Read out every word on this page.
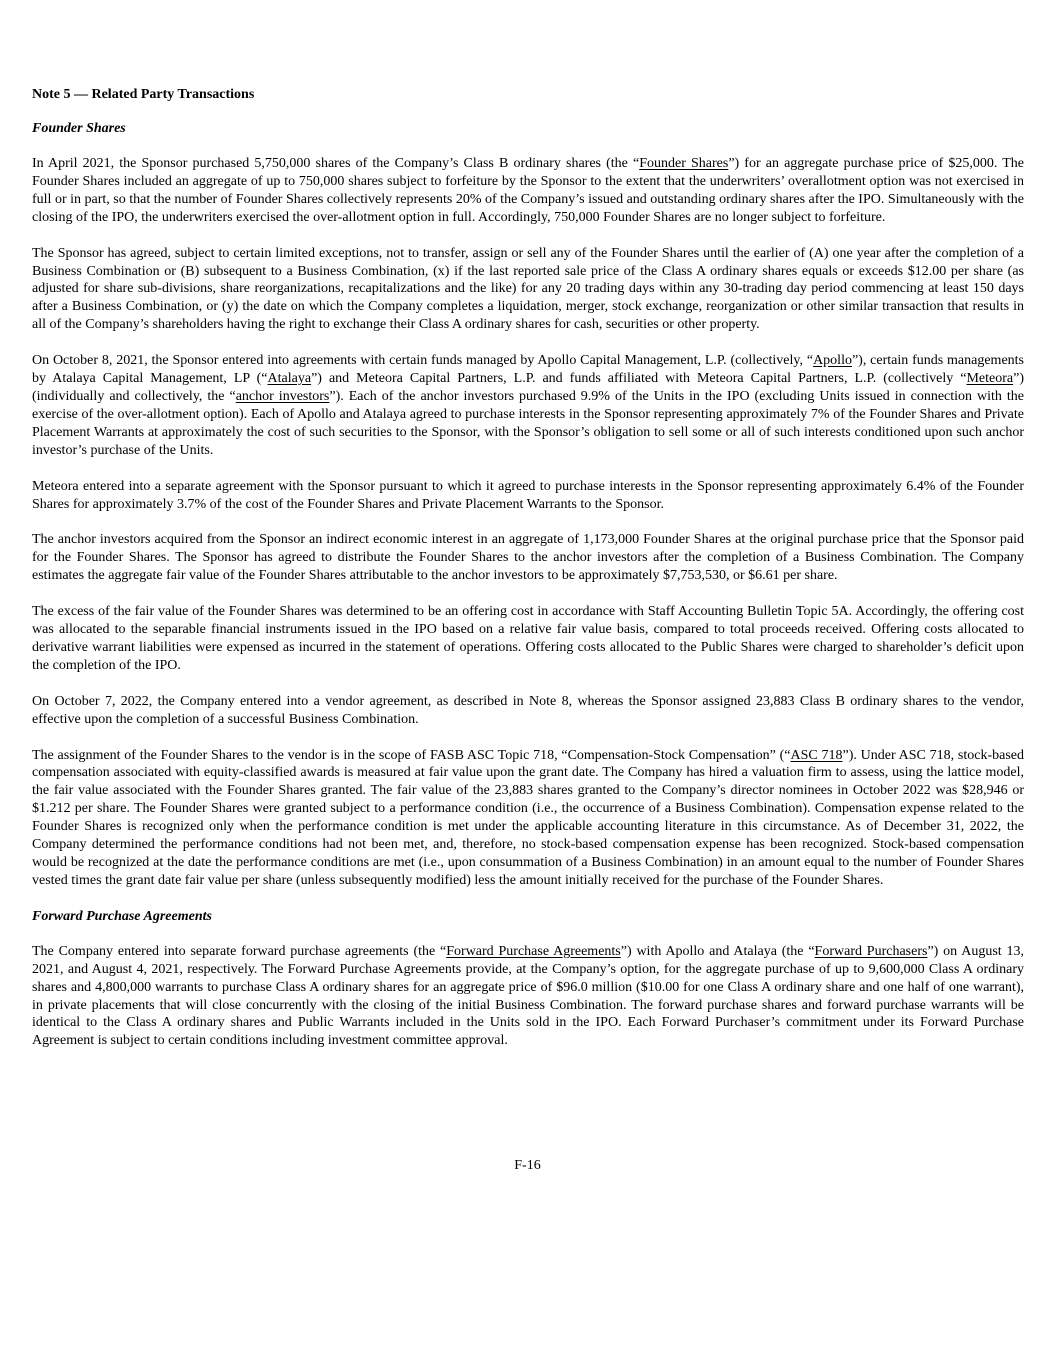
Note 5 — Related Party Transactions
Founder Shares

In April 2021, the Sponsor purchased 5,750,000 shares of the Company’s Class B ordinary shares (the “Founder Shares”) for an aggregate purchase price of $25,000. The Founder Shares included an aggregate of up to 750,000 shares subject to forfeiture by the Sponsor to the extent that the underwriters’ overallotment option was not exercised in full or in part, so that the number of Founder Shares collectively represents 20% of the Company’s issued and outstanding ordinary shares after the IPO. Simultaneously with the closing of the IPO, the underwriters exercised the over-allotment option in full. Accordingly, 750,000 Founder Shares are no longer subject to forfeiture.

The Sponsor has agreed, subject to certain limited exceptions, not to transfer, assign or sell any of the Founder Shares until the earlier of (A) one year after the completion of a Business Combination or (B) subsequent to a Business Combination, (x) if the last reported sale price of the Class A ordinary shares equals or exceeds $12.00 per share (as adjusted for share sub-divisions, share reorganizations, recapitalizations and the like) for any 20 trading days within any 30-trading day period commencing at least 150 days after a Business Combination, or (y) the date on which the Company completes a liquidation, merger, stock exchange, reorganization or other similar transaction that results in all of the Company’s shareholders having the right to exchange their Class A ordinary shares for cash, securities or other property.

On October 8, 2021, the Sponsor entered into agreements with certain funds managed by Apollo Capital Management, L.P. (collectively, “Apollo”), certain funds managements by Atalaya Capital Management, LP (“Atalaya”) and Meteora Capital Partners, L.P. and funds affiliated with Meteora Capital Partners, L.P. (collectively “Meteora”) (individually and collectively, the “anchor investors”). Each of the anchor investors purchased 9.9% of the Units in the IPO (excluding Units issued in connection with the exercise of the over-allotment option). Each of Apollo and Atalaya agreed to purchase interests in the Sponsor representing approximately 7% of the Founder Shares and Private Placement Warrants at approximately the cost of such securities to the Sponsor, with the Sponsor’s obligation to sell some or all of such interests conditioned upon such anchor investor’s purchase of the Units.

Meteora entered into a separate agreement with the Sponsor pursuant to which it agreed to purchase interests in the Sponsor representing approximately 6.4% of the Founder Shares for approximately 3.7% of the cost of the Founder Shares and Private Placement Warrants to the Sponsor.

The anchor investors acquired from the Sponsor an indirect economic interest in an aggregate of 1,173,000 Founder Shares at the original purchase price that the Sponsor paid for the Founder Shares. The Sponsor has agreed to distribute the Founder Shares to the anchor investors after the completion of a Business Combination. The Company estimates the aggregate fair value of the Founder Shares attributable to the anchor investors to be approximately $7,753,530, or $6.61 per share.

The excess of the fair value of the Founder Shares was determined to be an offering cost in accordance with Staff Accounting Bulletin Topic 5A. Accordingly, the offering cost was allocated to the separable financial instruments issued in the IPO based on a relative fair value basis, compared to total proceeds received. Offering costs allocated to derivative warrant liabilities were expensed as incurred in the statement of operations. Offering costs allocated to the Public Shares were charged to shareholder’s deficit upon the completion of the IPO.

On October 7, 2022, the Company entered into a vendor agreement, as described in Note 8, whereas the Sponsor assigned 23,883 Class B ordinary shares to the vendor, effective upon the completion of a successful Business Combination.

The assignment of the Founder Shares to the vendor is in the scope of FASB ASC Topic 718, “Compensation-Stock Compensation” (“ASC 718”). Under ASC 718, stock-based compensation associated with equity-classified awards is measured at fair value upon the grant date. The Company has hired a valuation firm to assess, using the lattice model, the fair value associated with the Founder Shares granted. The fair value of the 23,883 shares granted to the Company’s director nominees in October 2022 was $28,946 or $1.212 per share. The Founder Shares were granted subject to a performance condition (i.e., the occurrence of a Business Combination). Compensation expense related to the Founder Shares is recognized only when the performance condition is met under the applicable accounting literature in this circumstance. As of December 31, 2022, the Company determined the performance conditions had not been met, and, therefore, no stock-based compensation expense has been recognized. Stock-based compensation would be recognized at the date the performance conditions are met (i.e., upon consummation of a Business Combination) in an amount equal to the number of Founder Shares vested times the grant date fair value per share (unless subsequently modified) less the amount initially received for the purchase of the Founder Shares.

Forward Purchase Agreements

The Company entered into separate forward purchase agreements (the “Forward Purchase Agreements”) with Apollo and Atalaya (the “Forward Purchasers”) on August 13, 2021, and August 4, 2021, respectively. The Forward Purchase Agreements provide, at the Company’s option, for the aggregate purchase of up to 9,600,000 Class A ordinary shares and 4,800,000 warrants to purchase Class A ordinary shares for an aggregate price of $96.0 million ($10.00 for one Class A ordinary share and one half of one warrant), in private placements that will close concurrently with the closing of the initial Business Combination. The forward purchase shares and forward purchase warrants will be identical to the Class A ordinary shares and Public Warrants included in the Units sold in the IPO. Each Forward Purchaser’s commitment under its Forward Purchase Agreement is subject to certain conditions including investment committee approval.

F-16
